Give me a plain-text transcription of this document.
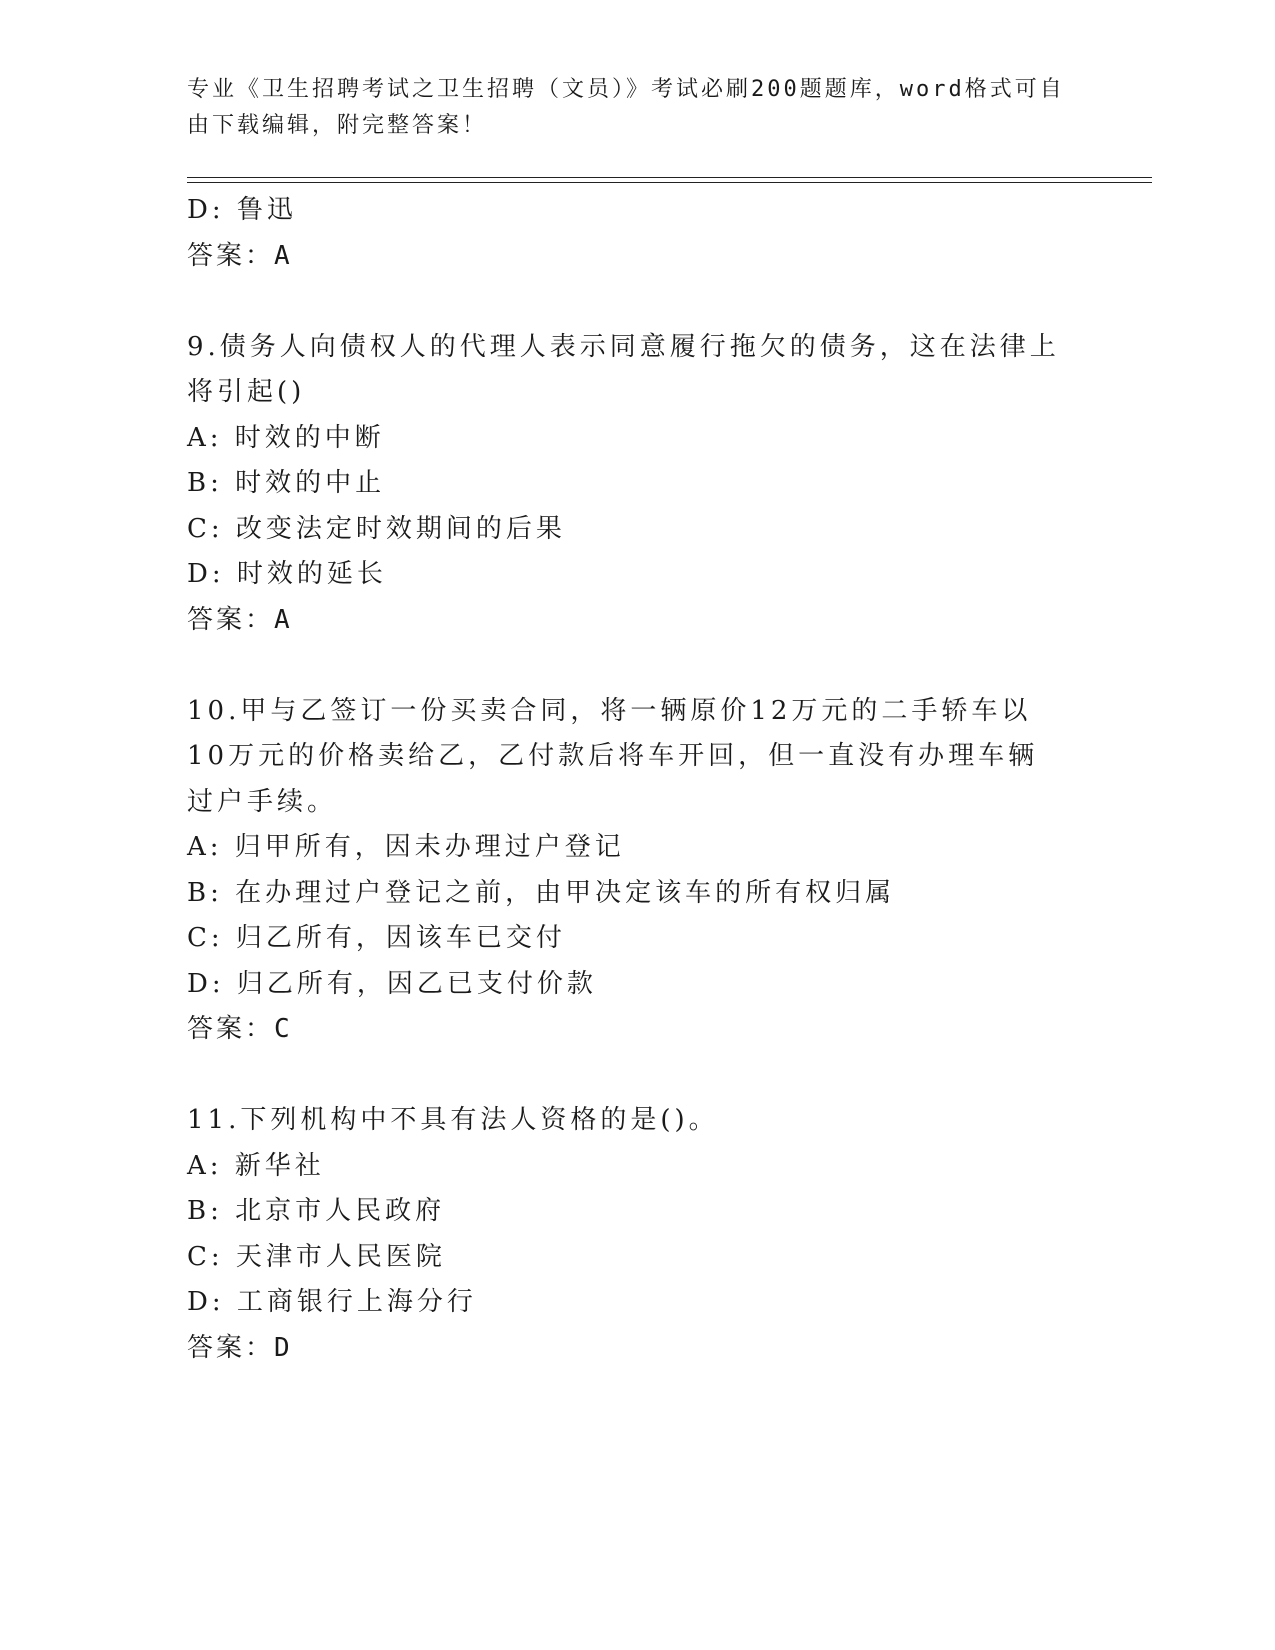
专业《卫生招聘考试之卫生招聘（文员）》考试必刷200题题库，word格式可自由下载编辑，附完整答案！
D: 鲁迅
答案：A
9.债务人向债权人的代理人表示同意履行拖欠的债务，这在法律上将引起()
A: 时效的中断
B: 时效的中止
C: 改变法定时效期间的后果
D: 时效的延长
答案：A
10.甲与乙签订一份买卖合同，将一辆原价12万元的二手轿车以10万元的价格卖给乙，乙付款后将车开回，但一直没有办理车辆过户手续。
A: 归甲所有，因未办理过户登记
B: 在办理过户登记之前，由甲决定该车的所有权归属
C: 归乙所有，因该车已交付
D: 归乙所有，因乙已支付价款
答案：C
11.下列机构中不具有法人资格的是()。
A: 新华社
B: 北京市人民政府
C: 天津市人民医院
D: 工商银行上海分行
答案：D
